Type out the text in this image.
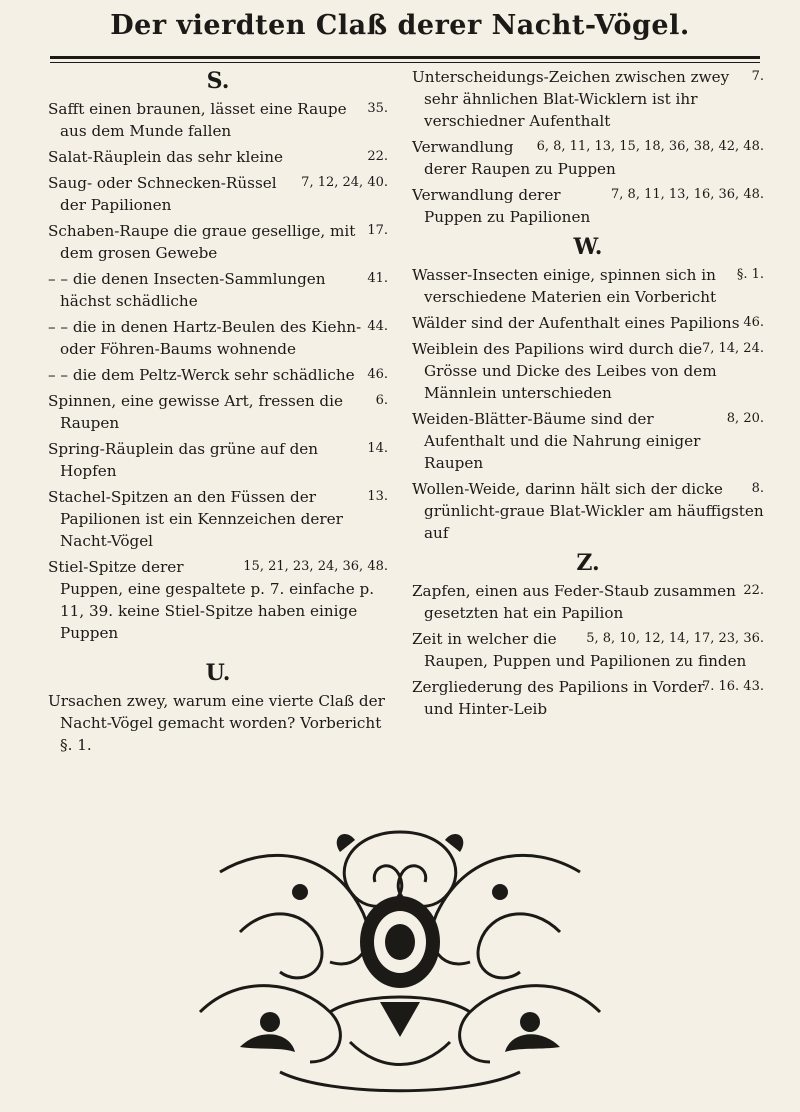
Der vierdten Claß derer Nacht-Vögel.
S.
35.
Safft einen braunen, lässet eine Raupe aus dem Munde fallen
22.
Salat-Räuplein das sehr kleine
7, 12, 24, 40.
Saug- oder Schnecken-Rüssel der Papilionen
17.
Schaben-Raupe die graue gesellige, mit dem grosen Gewebe
41.
– – die denen Insecten-Sammlungen hächst schädliche
44.
– – die in denen Hartz-Beulen des Kiehn- oder Föhren-Baums wohnende
46.
– – die dem Peltz-Werck sehr schädliche
6.
Spinnen, eine gewisse Art, fressen die Raupen
14.
Spring-Räuplein das grüne auf den Hopfen
13.
Stachel-Spitzen an den Füssen der Papilionen ist ein Kennzeichen derer Nacht-Vögel
15, 21, 23, 24, 36, 48.
Stiel-Spitze derer Puppen, eine gespaltete p. 7. einfache p. 11, 39. keine Stiel-Spitze haben einige Puppen
U.
Ursachen zwey, warum eine vierte Claß der Nacht-Vögel gemacht worden? Vorbericht §. 1.
7.
Unterscheidungs-Zeichen zwischen zwey sehr ähnlichen Blat-Wicklern ist ihr verschiedner Aufenthalt
6, 8, 11, 13, 15, 18, 36, 38, 42, 48.
Verwandlung derer Raupen zu Puppen
7, 8, 11, 13, 16, 36, 48.
Verwandlung derer Puppen zu Papilionen
W.
§. 1.
Wasser-Insecten einige, spinnen sich in verschiedene Materien ein Vorbericht
46.
Wälder sind der Aufenthalt eines Papilions
7, 14, 24.
Weiblein des Papilions wird durch die Grösse und Dicke des Leibes von dem Männlein unterschieden
8, 20.
Weiden-Blätter-Bäume sind der Aufenthalt und die Nahrung einiger Raupen
8.
Wollen-Weide, darinn hält sich der dicke grünlicht-graue Blat-Wickler am häuffigsten auf
Z.
22.
Zapfen, einen aus Feder-Staub zusammen gesetzten hat ein Papilion
5, 8, 10, 12, 14, 17, 23, 36.
Zeit in welcher die Raupen, Puppen und Papilionen zu finden
7. 16. 43.
Zergliederung des Papilions in Vorder und Hinter-Leib
